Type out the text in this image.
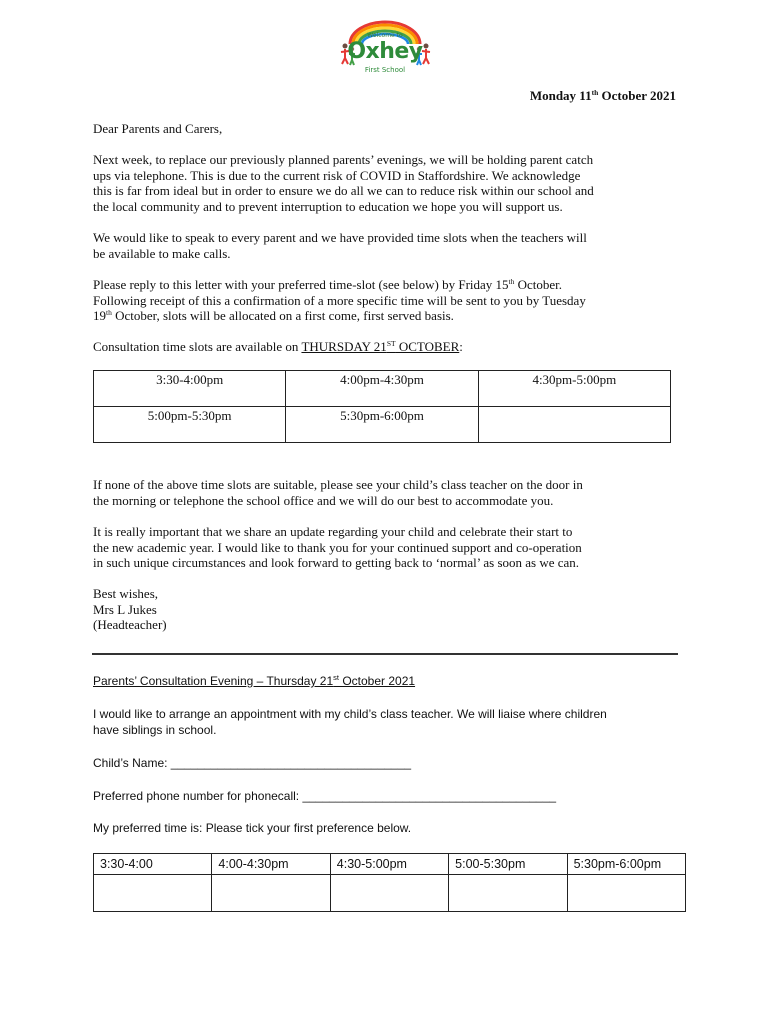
Welcome to
Oxhey
First School
Monday 11th October 2021

Dear Parents and Carers,

Next week, to replace our previously planned parents’ evenings, we will be holding parent catch
ups via telephone. This is due to the current risk of COVID in Staffordshire. We acknowledge
this is far from ideal but in order to ensure we do all we can to reduce risk within our school and
the local community and to prevent interruption to education we hope you will support us.

We would like to speak to every parent and we have provided time slots when the teachers will
be available to make calls.

Please reply to this letter with your preferred time-slot (see below) by Friday 15th October.
Following receipt of this a confirmation of a more specific time will be sent to you by Tuesday
19th October, slots will be allocated on a first come, first served basis.

Consultation time slots are available on THURSDAY 21ST OCTOBER:

3:30-4:00pm	4:00pm-4:30pm	4:30pm-5:00pm
5:00pm-5:30pm	5:30pm-6:00pm	

If none of the above time slots are suitable, please see your child’s class teacher on the door in
the morning or telephone the school office and we will do our best to accommodate you.

It is really important that we share an update regarding your child and celebrate their start to
the new academic year. I would like to thank you for your continued support and co-operation
in such unique circumstances and look forward to getting back to ‘normal’ as soon as we can.

Best wishes,
Mrs L Jukes
(Headteacher)

Parents’ Consultation Evening – Thursday 21st October 2021

I would like to arrange an appointment with my child’s class teacher. We will liaise where children
have siblings in school.

Child’s Name: ____________________________________

Preferred phone number for phonecall: ______________________________________

My preferred time is: Please tick your first preference below.

3:30-4:00	4:00-4:30pm	4:30-5:00pm	5:00-5:30pm	5:30pm-6:00pm
